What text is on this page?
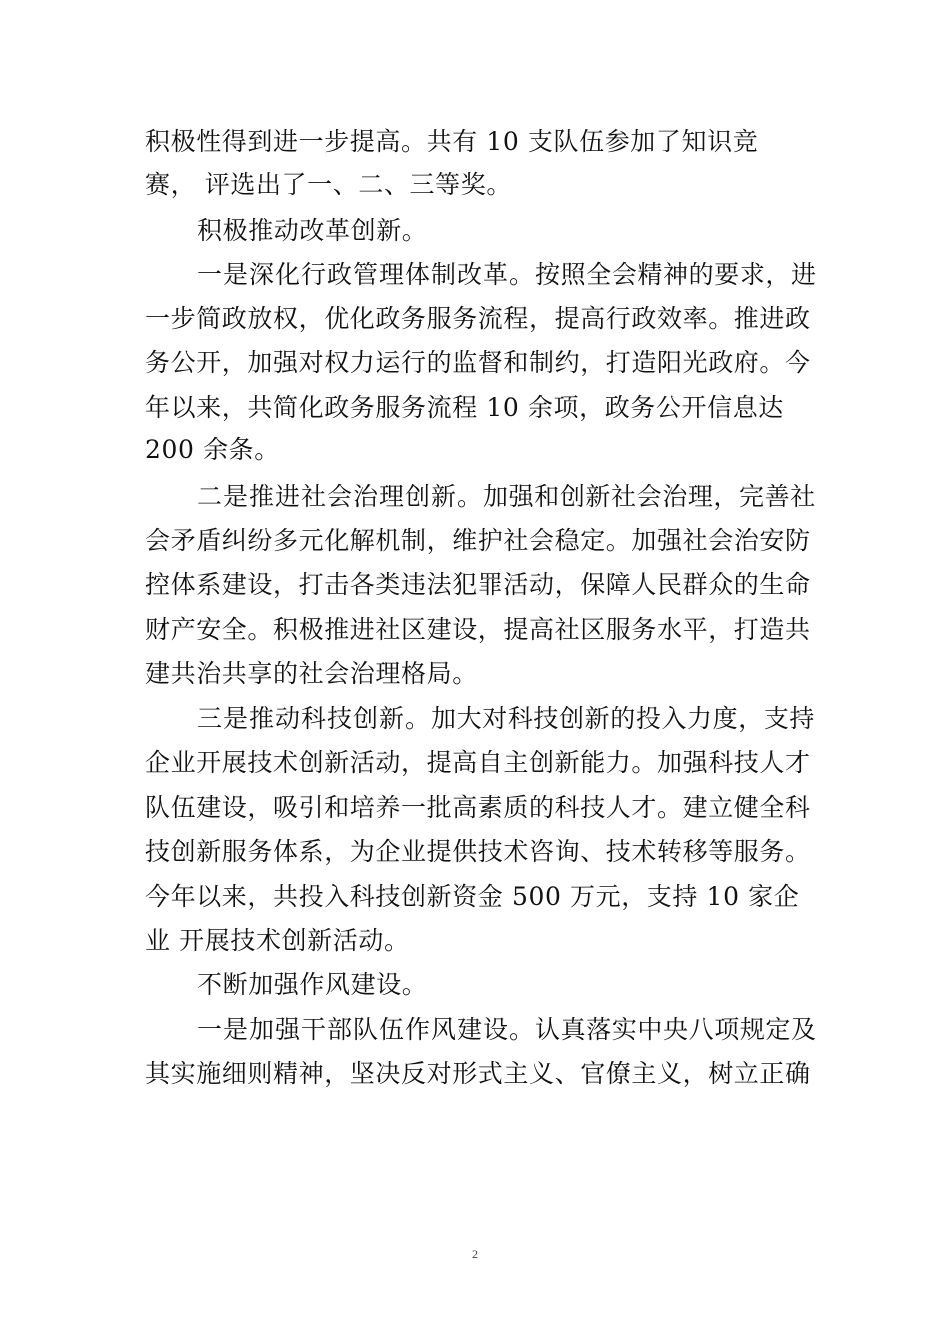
积极性得到进一步提高。共有 10 支队伍参加了知识竞
赛， 评选出了一、二、三等奖。
积极推动改革创新。
一是深化行政管理体制改革。按照全会精神的要求，进
一步简政放权，优化政务服务流程，提高行政效率。推进政
务公开，加强对权力运行的监督和制约，打造阳光政府。今
年以来，共简化政务服务流程 10 余项，政务公开信息达
200 余条。
二是推进社会治理创新。加强和创新社会治理，完善社
会矛盾纠纷多元化解机制，维护社会稳定。加强社会治安防
控体系建设，打击各类违法犯罪活动，保障人民群众的生命
财产安全。积极推进社区建设，提高社区服务水平，打造共
建共治共享的社会治理格局。
三是推动科技创新。加大对科技创新的投入力度，支持
企业开展技术创新活动，提高自主创新能力。加强科技人才
队伍建设，吸引和培养一批高素质的科技人才。建立健全科
技创新服务体系，为企业提供技术咨询、技术转移等服务。
今年以来，共投入科技创新资金 500 万元，支持 10 家企
业 开展技术创新活动。
不断加强作风建设。
一是加强干部队伍作风建设。认真落实中央八项规定及
其实施细则精神，坚决反对形式主义、官僚主义，树立正确
2
